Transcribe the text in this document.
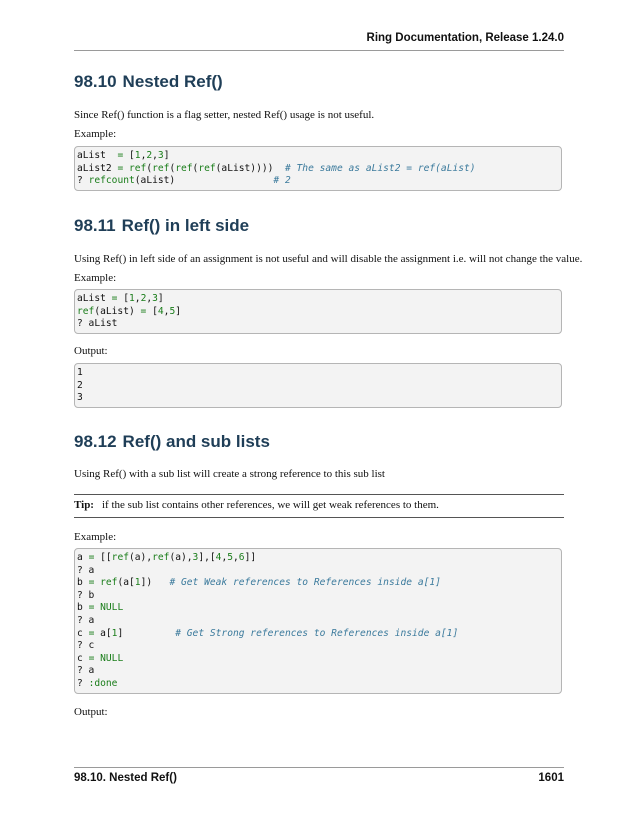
Ring Documentation, Release 1.24.0
98.10 Nested Ref()

Since Ref() function is a flag setter, nested Ref() usage is not useful.

Example:

aList  = [1,2,3]
aList2 = ref(ref(ref(ref(aList))))  # The same as aList2 = ref(aList)
? refcount(aList)                 # 2
98.11 Ref() in left side

Using Ref() in left side of an assignment is not useful and will disable the assignment i.e. will not change the value.

Example:

aList = [1,2,3]
ref(aList) = [4,5]
? aList

Output:

1
2
3
98.12 Ref() and sub lists

Using Ref() with a sub list will create a strong reference to this sub list

Tip: if the sub list contains other references, we will get weak references to them.

Example:

a = [[ref(a),ref(a),3],[4,5,6]]
? a
b = ref(a[1])   # Get Weak references to References inside a[1]
? b
b = NULL
? a
c = a[1]         # Get Strong references to References inside a[1]
? c
c = NULL
? a
? :done

Output:

98.10. Nested Ref()	1601
